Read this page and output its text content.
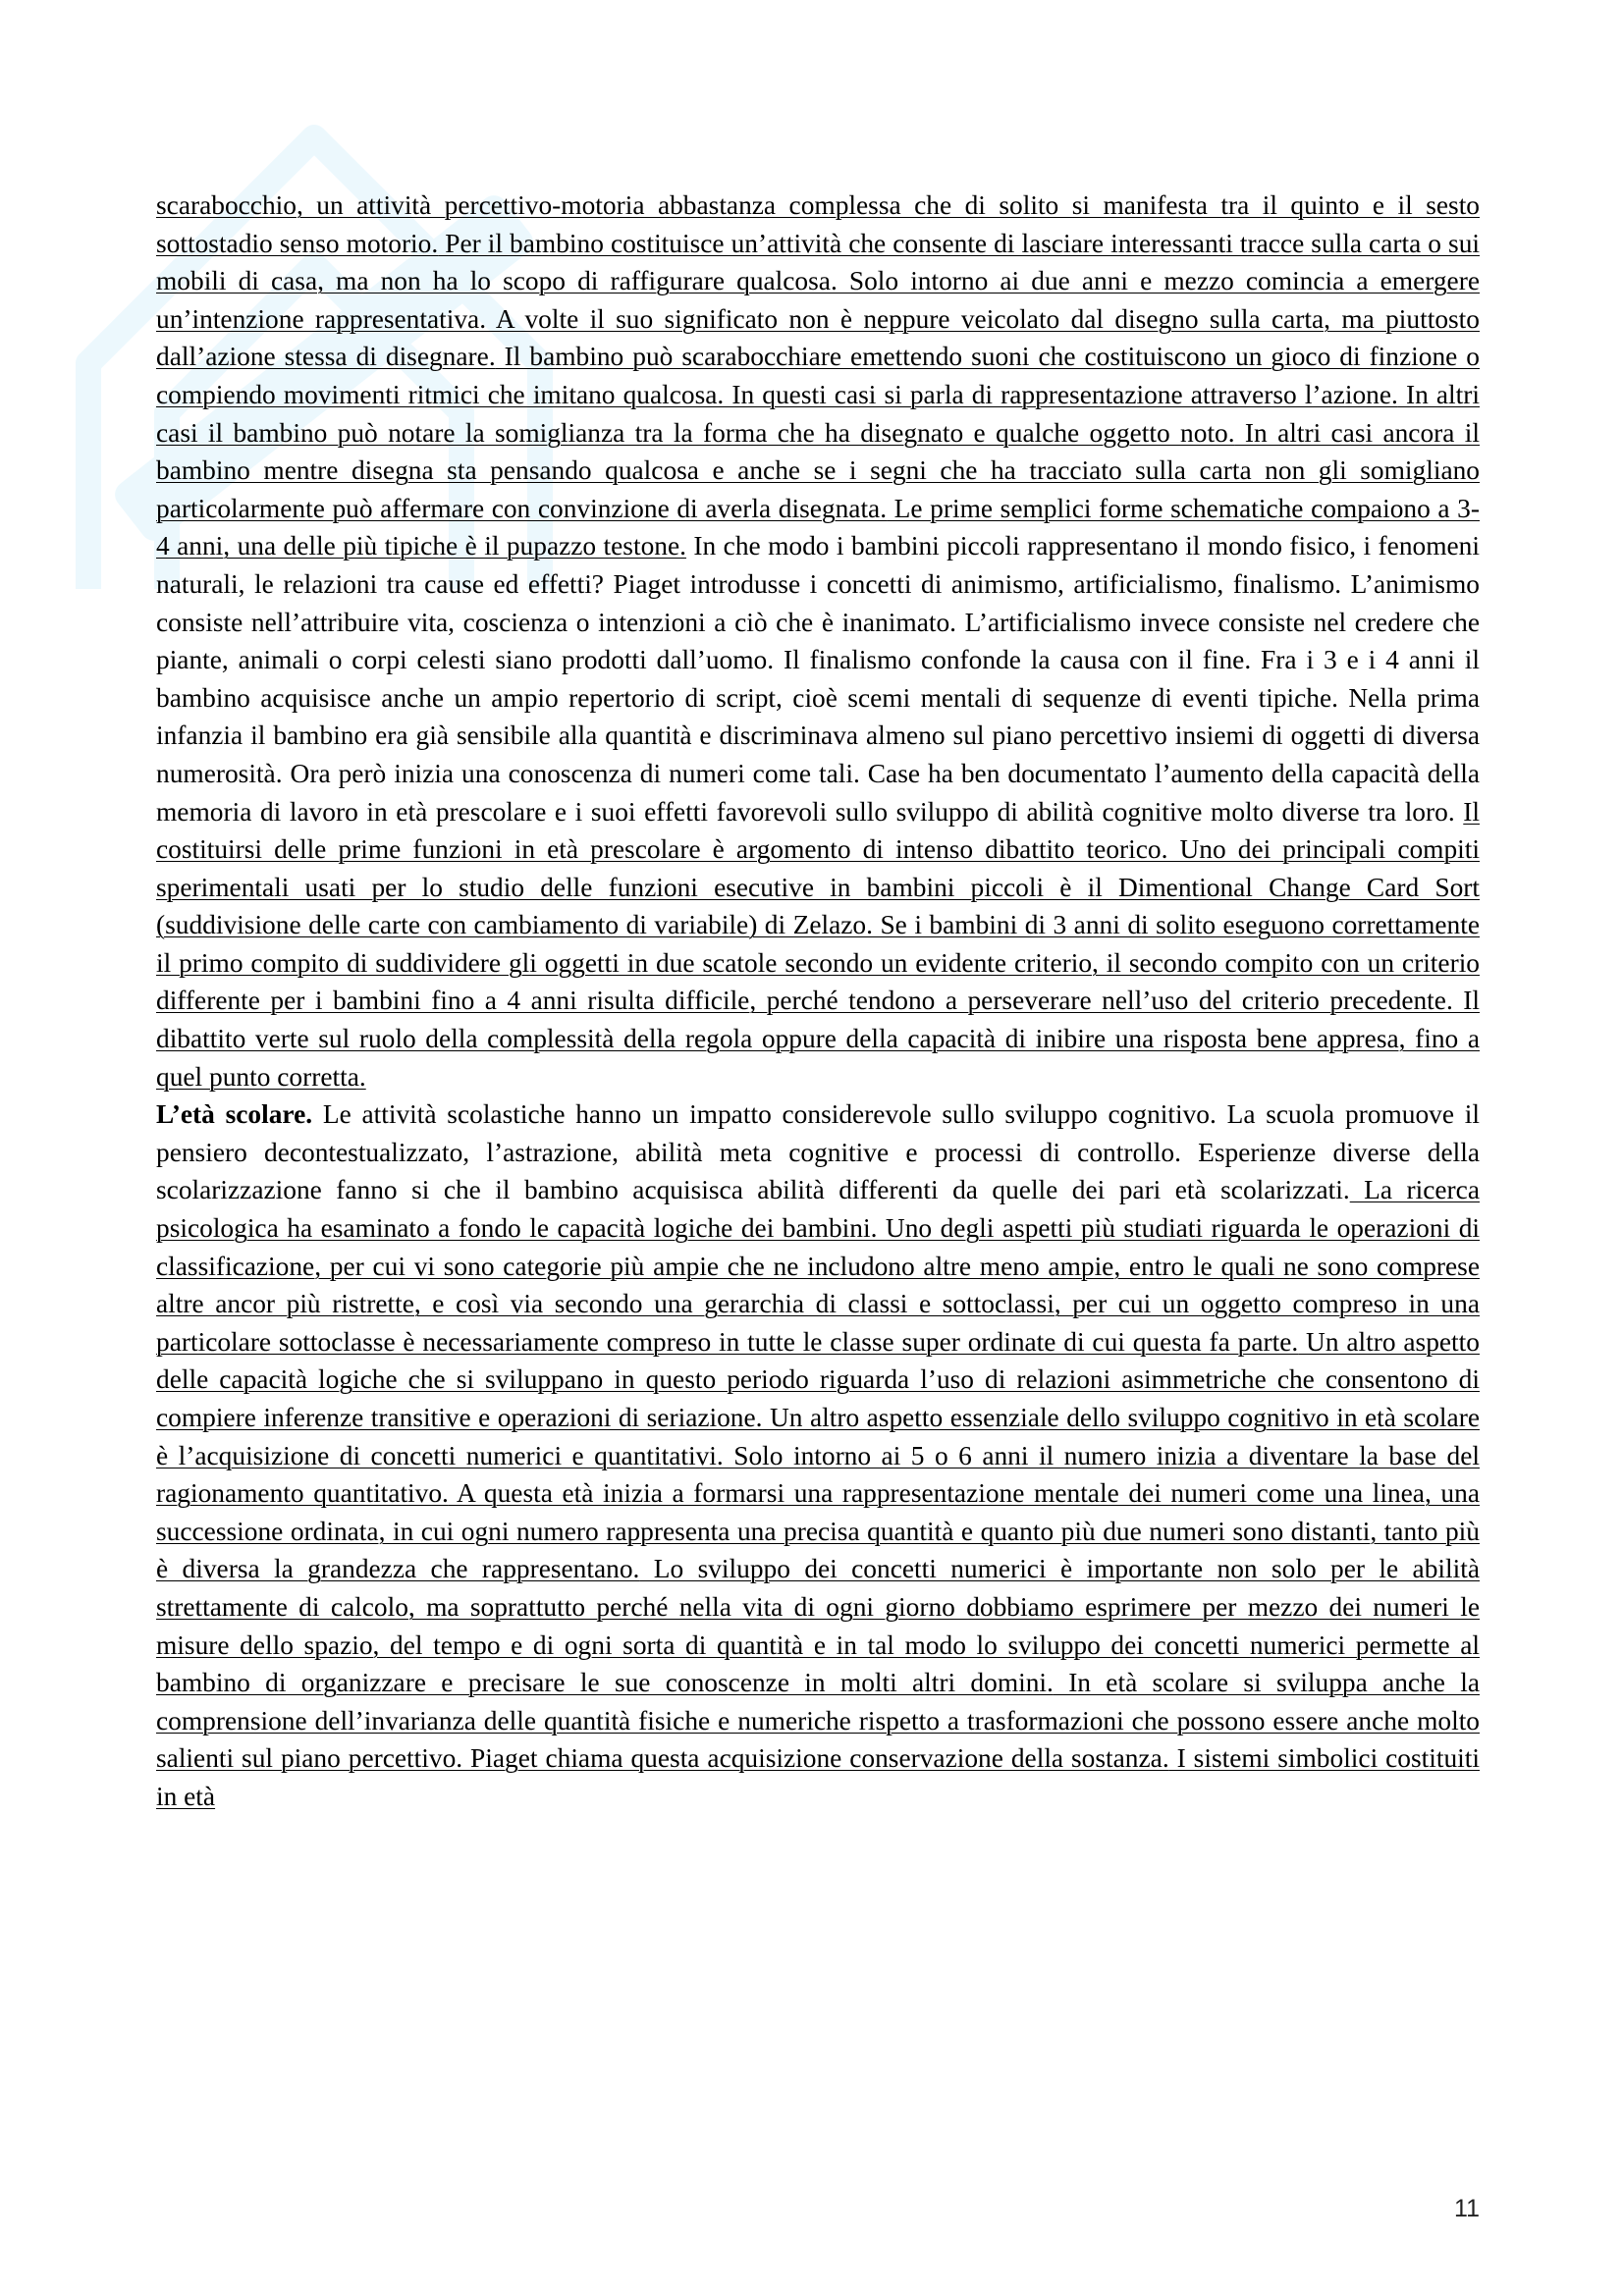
scarabocchio, un attività percettivo-motoria abbastanza complessa che di solito si manifesta tra il quinto e il sesto sottostadio senso motorio. Per il bambino costituisce un’attività che consente di lasciare interessanti tracce sulla carta o sui mobili di casa, ma non ha lo scopo di raffigurare qualcosa. Solo intorno ai due anni e mezzo comincia a emergere un’intenzione rappresentativa. A volte il suo significato non è neppure veicolato dal disegno sulla carta, ma piuttosto dall’azione stessa di disegnare. Il bambino può scarabocchiare emettendo suoni che costituiscono un gioco di finzione o compiendo movimenti ritmici che imitano qualcosa. In questi casi si parla di rappresentazione attraverso l’azione. In altri casi il bambino può notare la somiglianza tra la forma che ha disegnato e qualche oggetto noto. In altri casi ancora il bambino mentre disegna sta pensando qualcosa e anche se i segni che ha tracciato sulla carta non gli somigliano particolarmente può affermare con convinzione di averla disegnata. Le prime semplici forme schematiche compaiono a 3-4 anni, una delle più tipiche è il pupazzo testone. In che modo i bambini piccoli rappresentano il mondo fisico, i fenomeni naturali, le relazioni tra cause ed effetti? Piaget introdusse i concetti di animismo, artificialismo, finalismo. L’animismo consiste nell’attribuire vita, coscienza o intenzioni a ciò che è inanimato. L’artificialismo invece consiste nel credere che piante, animali o corpi celesti siano prodotti dall’uomo. Il finalismo confonde la causa con il fine. Fra i 3 e i 4 anni il bambino acquisisce anche un ampio repertorio di script, cioè scemi mentali di sequenze di eventi tipiche. Nella prima infanzia il bambino era già sensibile alla quantità e discriminava almeno sul piano percettivo insiemi di oggetti di diversa numerosità. Ora però inizia una conoscenza di numeri come tali. Case ha ben documentato l’aumento della capacità della memoria di lavoro in età prescolare e i suoi effetti favorevoli sullo sviluppo di abilità cognitive molto diverse tra loro. Il costituirsi delle prime funzioni in età prescolare è argomento di intenso dibattito teorico. Uno dei principali compiti sperimentali usati per lo studio delle funzioni esecutive in bambini piccoli è il Dimentional Change Card Sort (suddivisione delle carte con cambiamento di variabile) di Zelazo. Se i bambini di 3 anni di solito eseguono correttamente il primo compito di suddividere gli oggetti in due scatole secondo un evidente criterio, il secondo compito con un criterio differente per i bambini fino a 4 anni risulta difficile, perché tendono a perseverare nell’uso del criterio precedente. Il dibattito verte sul ruolo della complessità della regola oppure della capacità di inibire una risposta bene appresa, fino a quel punto corretta.
L’età scolare. Le attività scolastiche hanno un impatto considerevole sullo sviluppo cognitivo. La scuola promuove il pensiero decontestualizzato, l’astrazione, abilità meta cognitive e processi di controllo. Esperienze diverse della scolarizzazione fanno si che il bambino acquisisca abilità differenti da quelle dei pari età scolarizzati. La ricerca psicologica ha esaminato a fondo le capacità logiche dei bambini. Uno degli aspetti più studiati riguarda le operazioni di classificazione, per cui vi sono categorie più ampie che ne includono altre meno ampie, entro le quali ne sono comprese altre ancor più ristrette, e così via secondo una gerarchia di classi e sottoclassi, per cui un oggetto compreso in una particolare sottoclasse è necessariamente compreso in tutte le classe super ordinate di cui questa fa parte. Un altro aspetto delle capacità logiche che si sviluppano in questo periodo riguarda l’uso di relazioni asimmetriche che consentono di compiere inferenze transitive e operazioni di seriazione. Un altro aspetto essenziale dello sviluppo cognitivo in età scolare è l’acquisizione di concetti numerici e quantitativi. Solo intorno ai 5 o 6 anni il numero inizia a diventare la base del ragionamento quantitativo. A questa età inizia a formarsi una rappresentazione mentale dei numeri come una linea, una successione ordinata, in cui ogni numero rappresenta una precisa quantità e quanto più due numeri sono distanti, tanto più è diversa la grandezza che rappresentano. Lo sviluppo dei concetti numerici è importante non solo per le abilità strettamente di calcolo, ma soprattutto perché nella vita di ogni giorno dobbiamo esprimere per mezzo dei numeri le misure dello spazio, del tempo e di ogni sorta di quantità e in tal modo lo sviluppo dei concetti numerici permette al bambino di organizzare e precisare le sue conoscenze in molti altri domini. In età scolare si sviluppa anche la comprensione dell’invarianza delle quantità fisiche e numeriche rispetto a trasformazioni che possono essere anche molto salienti sul piano percettivo. Piaget chiama questa acquisizione conservazione della sostanza. I sistemi simbolici costituiti in età
11
